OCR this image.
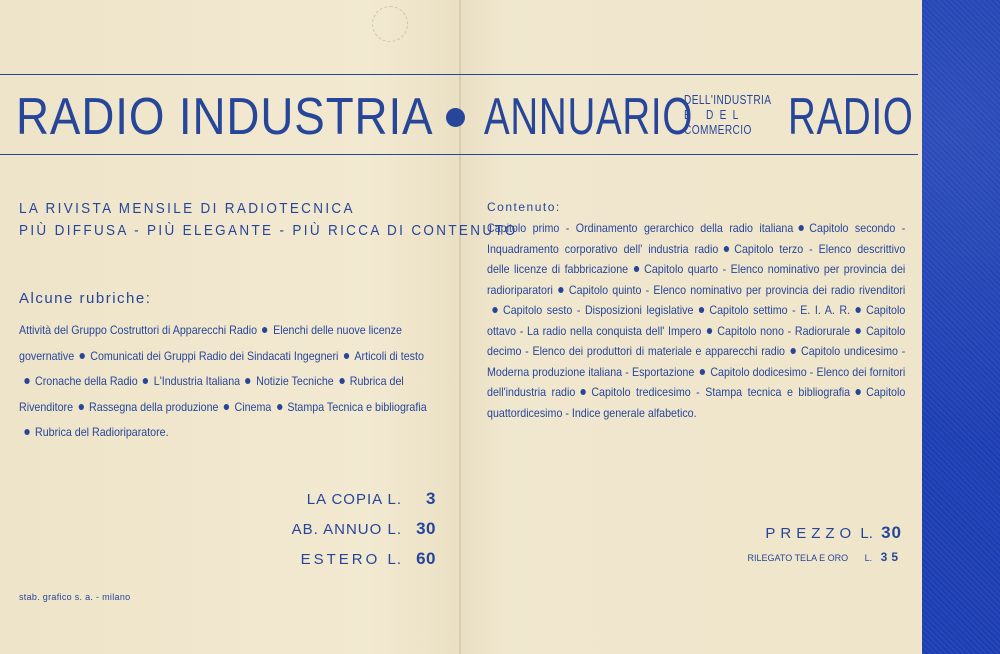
RADIO INDUSTRIA ANNUARIO
DELL'INDUSTRIA
E DEL
COMMERCIO RADIO
LA RIVISTA MENSILE DI RADIOTECNICA
PIÙ DIFFUSA - PIÙ ELEGANTE - PIÙ RICCA DI CONTENUTO
Alcune rubriche:
Attività del Gruppo Costruttori di Apparecchi Radio Elenchi delle nuove licenze governative Comunicati dei Gruppi Radio dei Sindacati Ingegneri Articoli di testoCronache della Radio L'Industria Italiana Notizie Tecniche Rubrica del Rivenditore Rassegna della produzione Cinema Stampa Tecnica e bibliografiaRubrica del Radioriparatore.
LA COPIA L. 3
AB. ANNUO L. 30
ESTERO L. 60
stab. grafico s. a. - milano
Contenuto:
Capitolo primo - Ordinamento gerarchico della radio italiana Capitolo secondo - Inquadramento corporativo dell' industria radio Capitolo terzo - Elenco descrittivo delle licenze di fabbricazione Capitolo quarto - Elenco nominativo per provincia dei radioriparatori Capitolo quinto - Elenco nominativo per provincia dei radio rivenditoriCapitolo sesto - Disposizioni legislative Capitolo settimo - E. I. A. R. Capitolo ottavo - La radio nella conquista dell' Impero Capitolo nono - Radiorurale Capitolo decimo - Elenco dei produttori di materiale e apparecchi radio Capitolo undicesimo - Moderna produzione italiana - Esportazione Capitolo dodicesimo - Elenco dei fornitori dell'industria radio Capitolo tredicesimo - Stampa tecnica e bibliografia Capitolo quattordicesimo - Indice generale alfabetico.
PREZZO L. 30
RILEGATO TELA E ORO L. 35
